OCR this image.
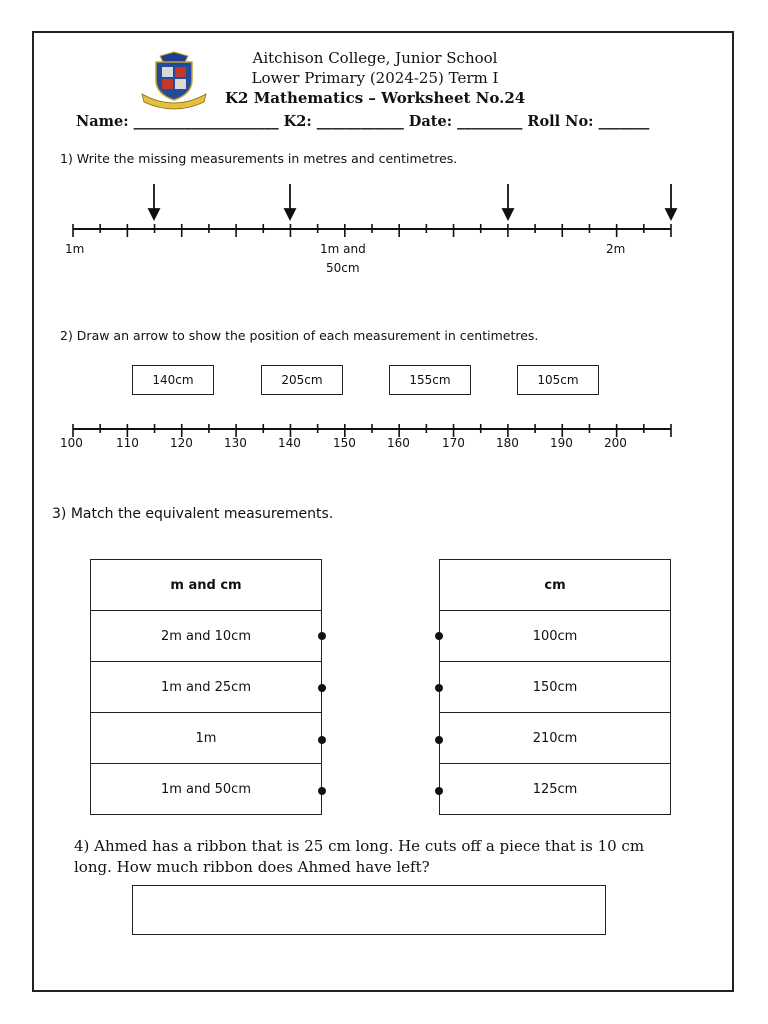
Aitchison College, Junior School
Lower Primary (2024-25) Term I
K2 Mathematics – Worksheet No.24
Name: ____________________ K2: ____________ Date: _________ Roll No: _______
1) Write the missing measurements in metres and centimetres.
1m	1m and
50cm
2m
2) Draw an arrow to show the position of each measurement in centimetres.
140cm	205cm	155cm	105cm
100	110	120	130	140	150	160	170	180	190	200
3) Match the equivalent measurements.
m and cm
2m and 10cm
1m and 25cm
1m
1m and 50cm
cm
100cm
150cm
210cm
125cm
4) Ahmed has a ribbon that is 25 cm long. He cuts off a piece that is 10 cm long. How much ribbon does Ahmed have left?
